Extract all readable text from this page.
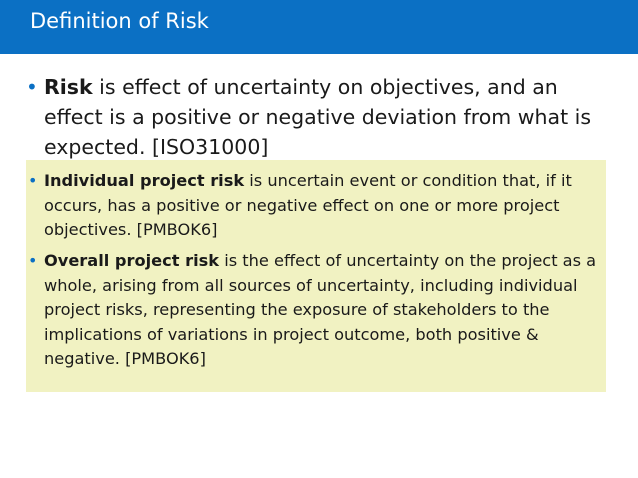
Definition of Risk
• Risk is effect of uncertainty on objectives, and an effect is a positive or negative deviation from what is expected. [ISO31000]
• Individual project risk is uncertain event or condition that, if it occurs, has a positive or negative effect on one or more project objectives. [PMBOK6]
• Overall project risk is the effect of uncertainty on the project as a whole, arising from all sources of uncertainty, including individual project risks, representing the exposure of stakeholders to the implications of variations in project outcome, both positive & negative. [PMBOK6]
